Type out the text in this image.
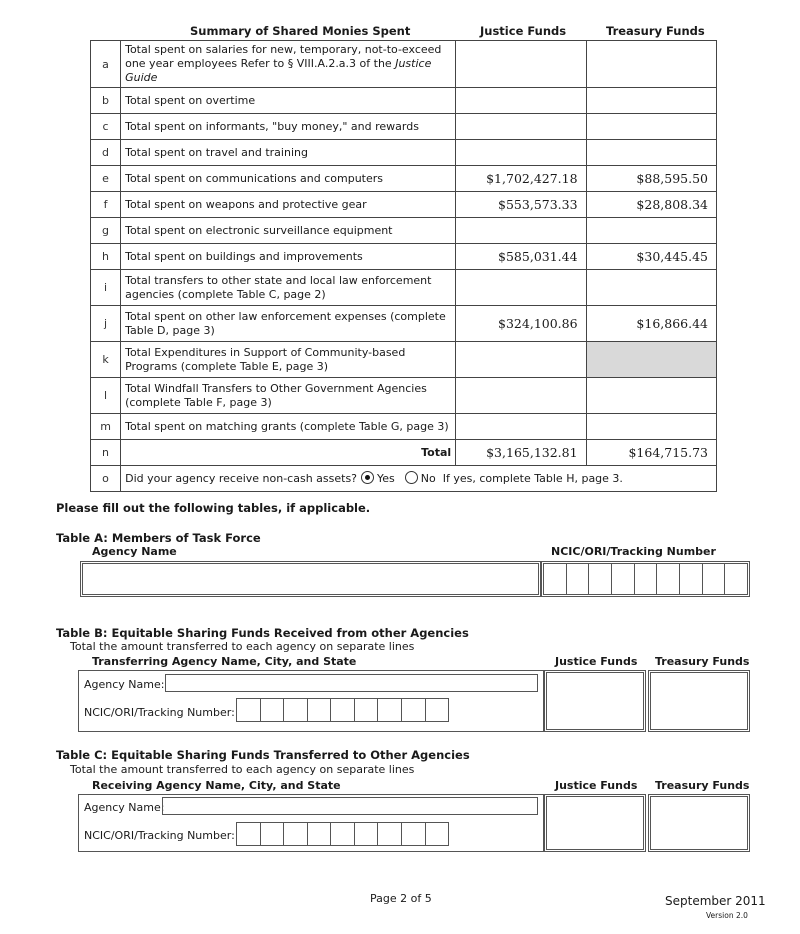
Summary of Shared Monies Spent	Justice Funds	Treasury Funds
a	Total spent on salaries for new, temporary, not-to-exceed one year employees Refer to § VIII.A.2.a.3 of the Justice Guide		
b	Total spent on overtime		
c	Total spent on informants, "buy money," and rewards		
d	Total spent on travel and training		
e	Total spent on communications and computers	$1,702,427.18	$88,595.50
f	Total spent on weapons and protective gear	$553,573.33	$28,808.34
g	Total spent on electronic surveillance equipment		
h	Total spent on buildings and improvements	$585,031.44	$30,445.45
i	Total transfers to other state and local law enforcement agencies (complete Table C, page 2)		
j	Total spent on other law enforcement expenses (complete Table D, page 3)	$324,100.86	$16,866.44
k	Total Expenditures in Support of Community-based Programs (complete Table E, page 3)		
l	Total Windfall Transfers to Other Government Agencies (complete Table F, page 3)		
m	Total spent on matching grants (complete Table G, page 3)		
n	Total	$3,165,132.81	$164,715.73
o	Did your agency receive non-cash assets? Yes No If yes, complete Table H, page 3.		
Please fill out the following tables, if applicable.
Table A: Members of Task Force
Agency Name	NCIC/ORI/Tracking Number
Table B: Equitable Sharing Funds Received from other Agencies
Total the amount transferred to each agency on separate lines
Transferring Agency Name, City, and State	Justice Funds Treasury Funds
Agency Name:
NCIC/ORI/Tracking Number:
Table C: Equitable Sharing Funds Transferred to Other Agencies
Total the amount transferred to each agency on separate lines
Receiving Agency Name, City, and State	Justice Funds Treasury Funds
Agency Name:
NCIC/ORI/Tracking Number:
Page 2 of 5	September 2011
Version 2.0
